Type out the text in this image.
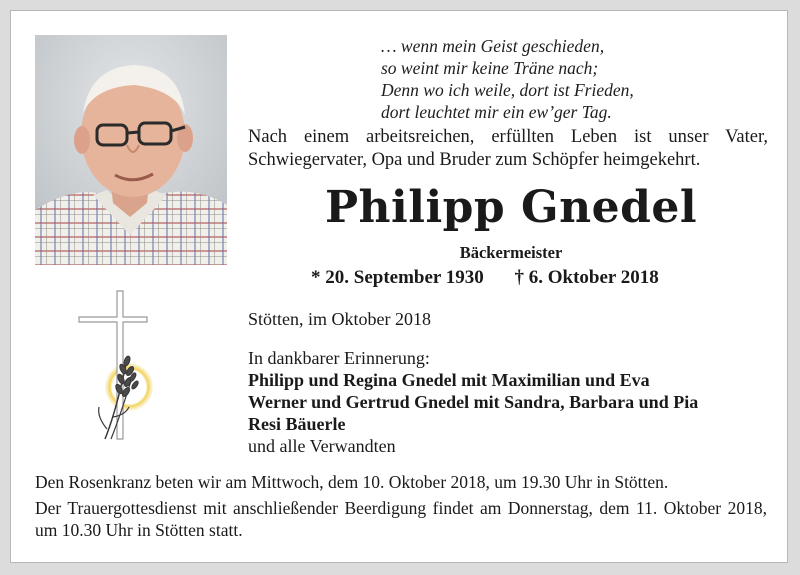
… wenn mein Geist geschieden,
so weint mir keine Träne nach;
Denn wo ich weile, dort ist Frieden,
dort leuchtet mir ein ew’ger Tag.
Nach einem arbeitsreichen, erfüllten Leben ist unser Vater, Schwiegervater, Opa und Bruder zum Schöpfer heimgekehrt.
Philipp Gnedel
Bäckermeister
* 20. September 1930 † 6. Oktober 2018
Stötten, im Oktober 2018
In dankbarer Erinnerung:
Philipp und Regina Gnedel mit Maximilian und Eva
Werner und Gertrud Gnedel mit Sandra, Barbara und Pia
Resi Bäuerle
und alle Verwandten
Den Rosenkranz beten wir am Mittwoch, dem 10. Oktober 2018, um 19.30 Uhr in Stötten.
Der Trauergottesdienst mit anschließender Beerdigung findet am Donnerstag, dem 11. Oktober 2018, um 10.30 Uhr in Stötten statt.
